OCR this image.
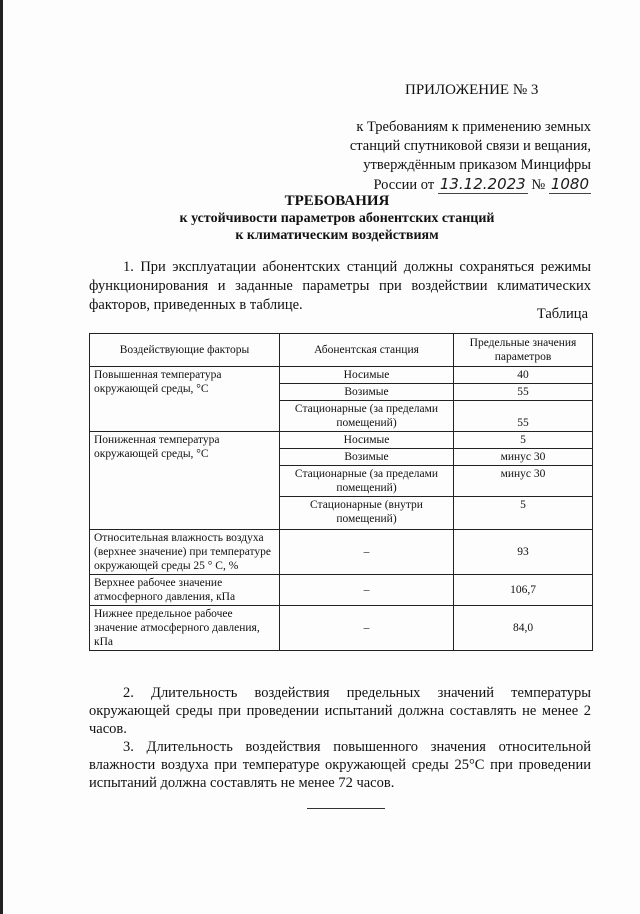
ПРИЛОЖЕНИЕ № 3
к Требованиям к применению земных
станций спутниковой связи и вещания,
утверждённым приказом Минцифры
России от 13.12.2023 № 1080
ТРЕБОВАНИЯ
к устойчивости параметров абонентских станций
к климатическим воздействиям
1. При эксплуатации абонентских станций должны сохраняться режимы функционирования и заданные параметры при воздействии климатических факторов, приведенных в таблице.
Таблица
Воздействующие факторы	Абонентская станция	Предельные значения параметров
Повышенная температура окружающей среды, °С	Носимые	40
	Возимые	55
	Стационарные (за пределами помещений)	55
Пониженная температура окружающей среды, °С	Носимые	5
	Возимые	минус 30
	Стационарные (за пределами помещений)	минус 30
	Стационарные (внутри помещений)	5
Относительная влажность воздуха (верхнее значение) при температуре окружающей среды 25 ° С, %	–	93
Верхнее рабочее значение атмосферного давления, кПа	–	106,7
Нижнее предельное рабочее значение атмосферного давления, кПа	–	84,0
2. Длительность воздействия предельных значений температуры окружающей среды при проведении испытаний должна составлять не менее 2 часов.
3. Длительность воздействия повышенного значения относительной влажности воздуха при температуре окружающей среды 25°С при проведении испытаний должна составлять не менее 72 часов.
